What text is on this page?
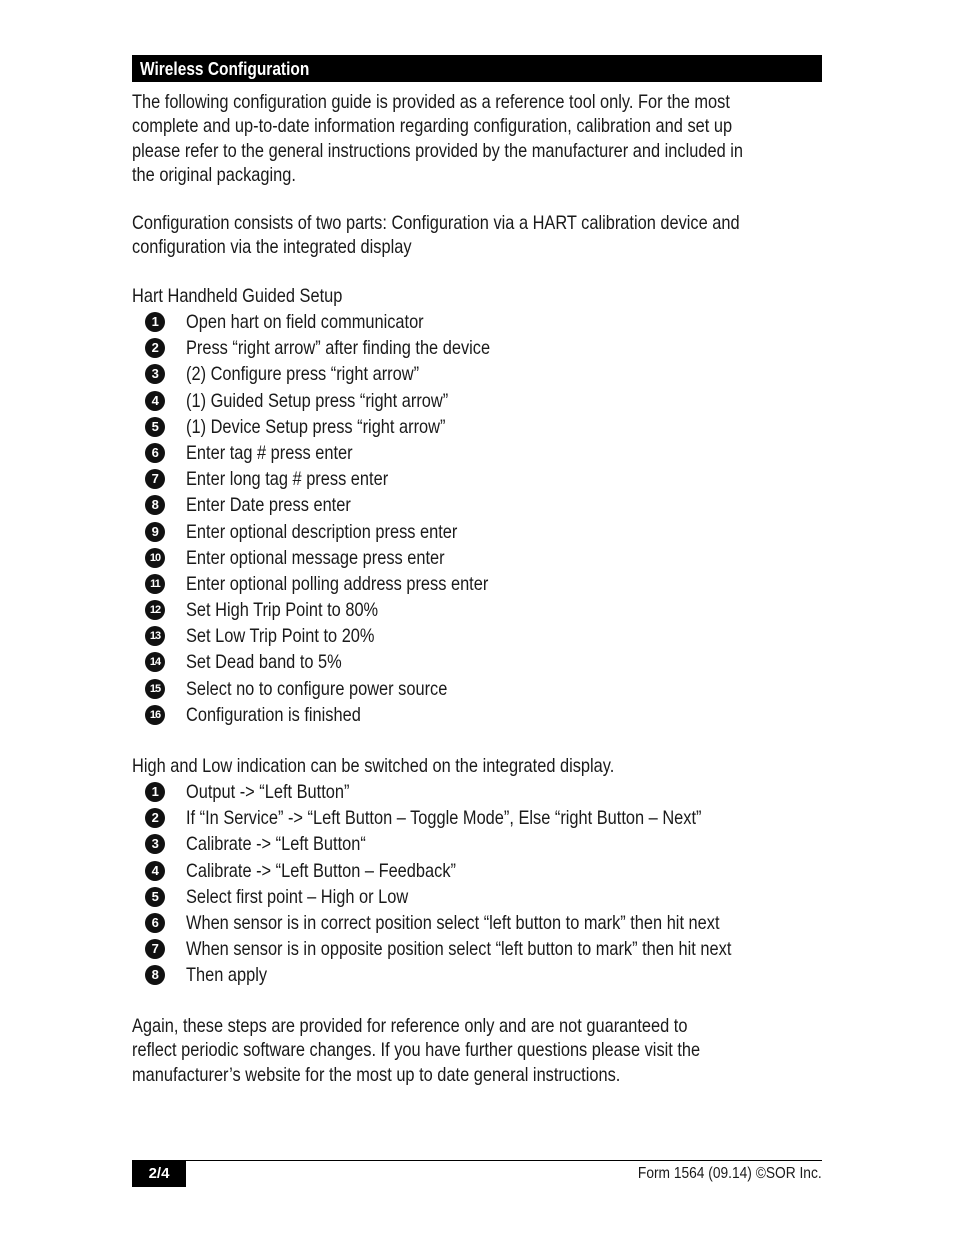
Wireless Configuration
The following configuration guide is provided as a reference tool only. For the most
complete and up-to-date information regarding configuration, calibration and set up
please refer to the general instructions provided by the manufacturer and included in
the original packaging.
Configuration consists of two parts: Configuration via a HART calibration device and
configuration via the integrated display
Hart Handheld Guided Setup
1	Open hart on field communicator
2	Press “right arrow” after finding the device
3	(2) Configure press “right arrow”
4	(1) Guided Setup press “right arrow”
5	(1) Device Setup press “right arrow”
6	Enter tag # press enter
7	Enter long tag # press enter
8	Enter Date press enter
9	Enter optional description press enter
10 Enter optional message press enter
11 Enter optional polling address press enter
12 Set High Trip Point to 80%
13 Set Low Trip Point to 20%
14 Set Dead band to 5%
15 Select no to configure power source
16 Configuration is finished
High and Low indication can be switched on the integrated display.
1	Output -> “Left Button”
2	If “In Service” -> “Left Button – Toggle Mode”, Else “right Button – Next”
3	Calibrate -> “Left Button“
4	Calibrate -> “Left Button – Feedback”
5	Select first point – High or Low
6	When sensor is in correct position select “left button to mark” then hit next
7	When sensor is in opposite position select “left button to mark” then hit next
8	Then apply
Again, these steps are provided for reference only and are not guaranteed to
reflect periodic software changes. If you have further questions please visit the
manufacturer’s website for the most up to date general instructions.
2/4	Form 1564 (09.14) ©SOR Inc.
